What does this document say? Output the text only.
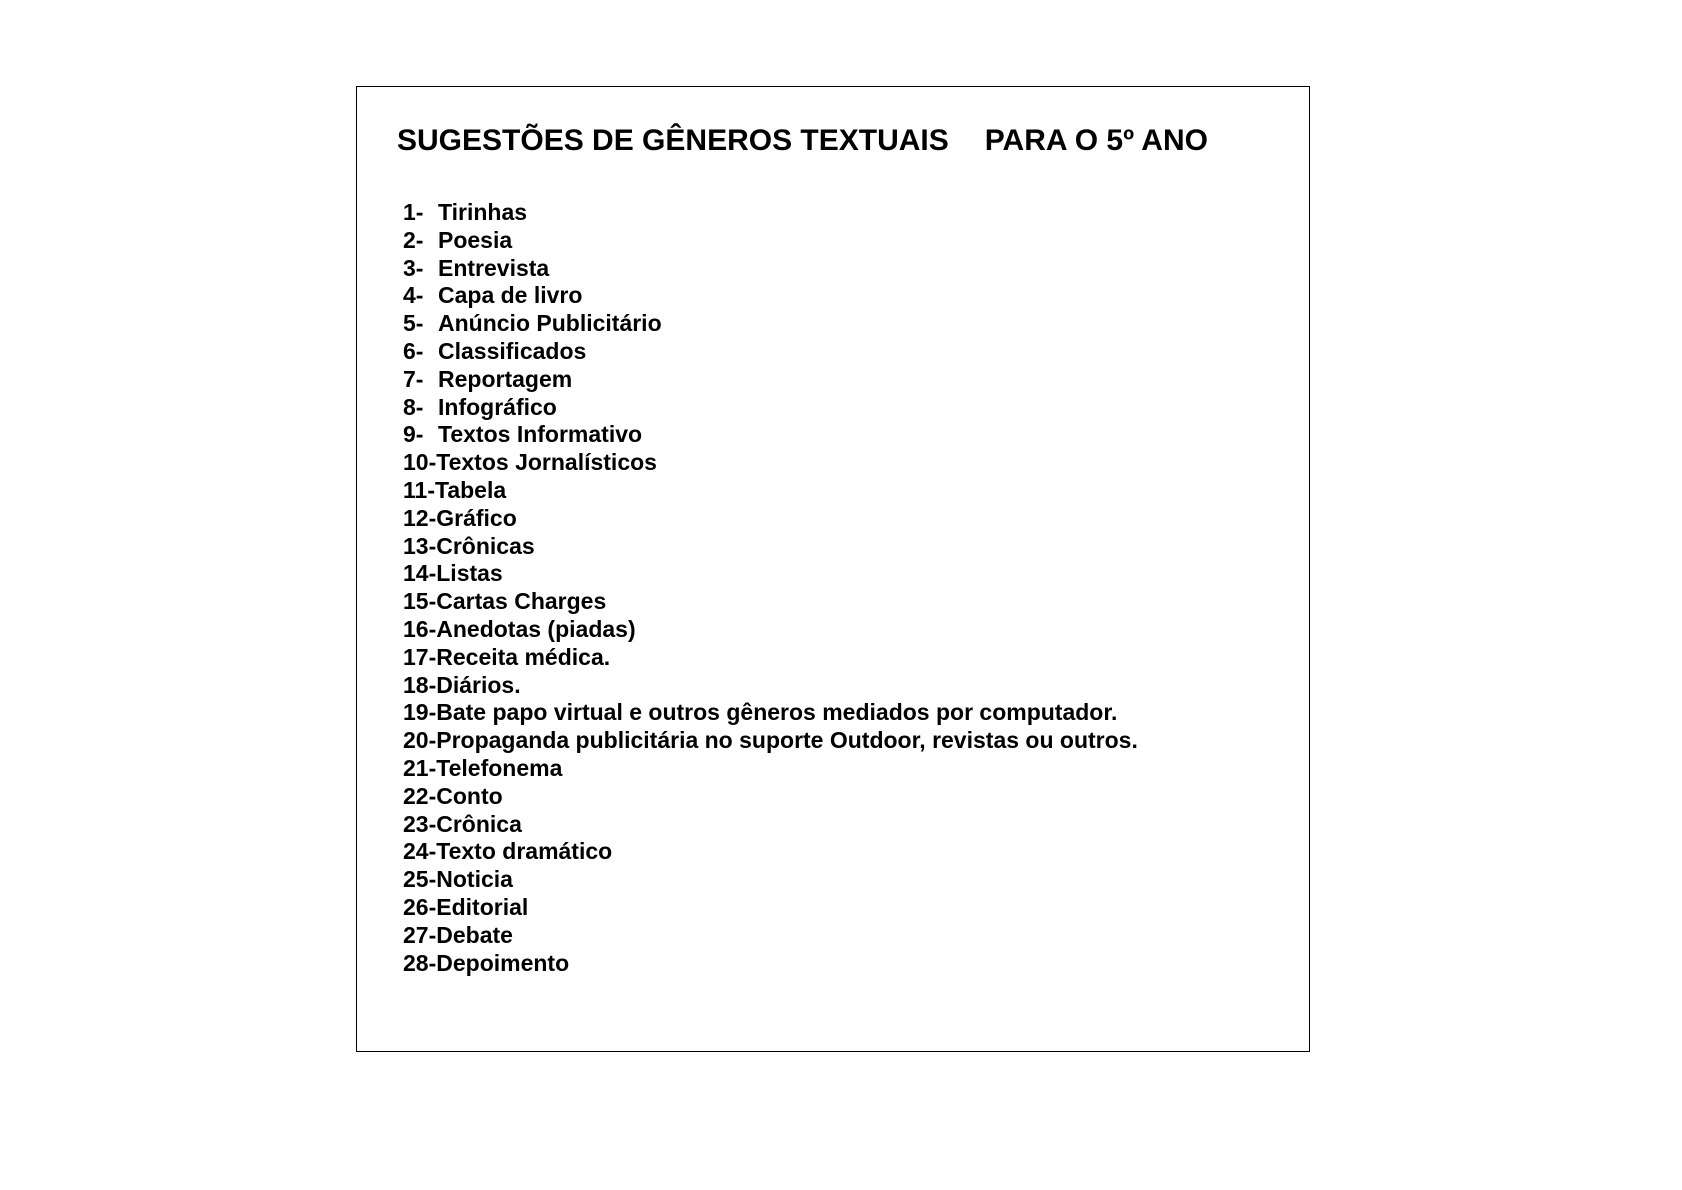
SUGESTÕES DE GÊNEROS TEXTUAIS PARA O 5º ANO
1- Tirinhas
2- Poesia
3- Entrevista
4- Capa de livro
5- Anúncio Publicitário
6- Classificados
7- Reportagem
8- Infográfico
9- Textos Informativo
10- Textos Jornalísticos
11- Tabela
12- Gráfico
13- Crônicas
14- Listas
15- Cartas Charges
16- Anedotas (piadas)
17- Receita médica.
18- Diários.
19- Bate papo virtual e outros gêneros mediados por computador.
20- Propaganda publicitária no suporte Outdoor, revistas ou outros.
21- Telefonema
22- Conto
23- Crônica
24- Texto dramático
25- Noticia
26- Editorial
27- Debate
28- Depoimento
